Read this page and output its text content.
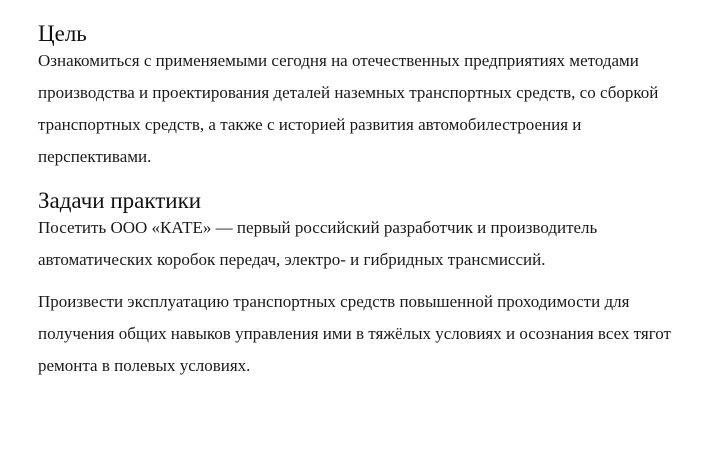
Цель

Ознакомиться с применяемыми сегодня на отечественных предприятиях методами производства и проектирования деталей наземных транспортных средств, со сборкой транспортных средств, а также с историей развития автомобилестроения и перспективами.

Задачи практики

Посетить ООО «КАТЕ» — первый российский разработчик и производитель автоматических коробок передач, электро- и гибридных трансмиссий.

Произвести эксплуатацию транспортных средств повышенной проходимости для получения общих навыков управления ими в тяжёлых условиях и осознания всех тягот ремонта в полевых условиях.
